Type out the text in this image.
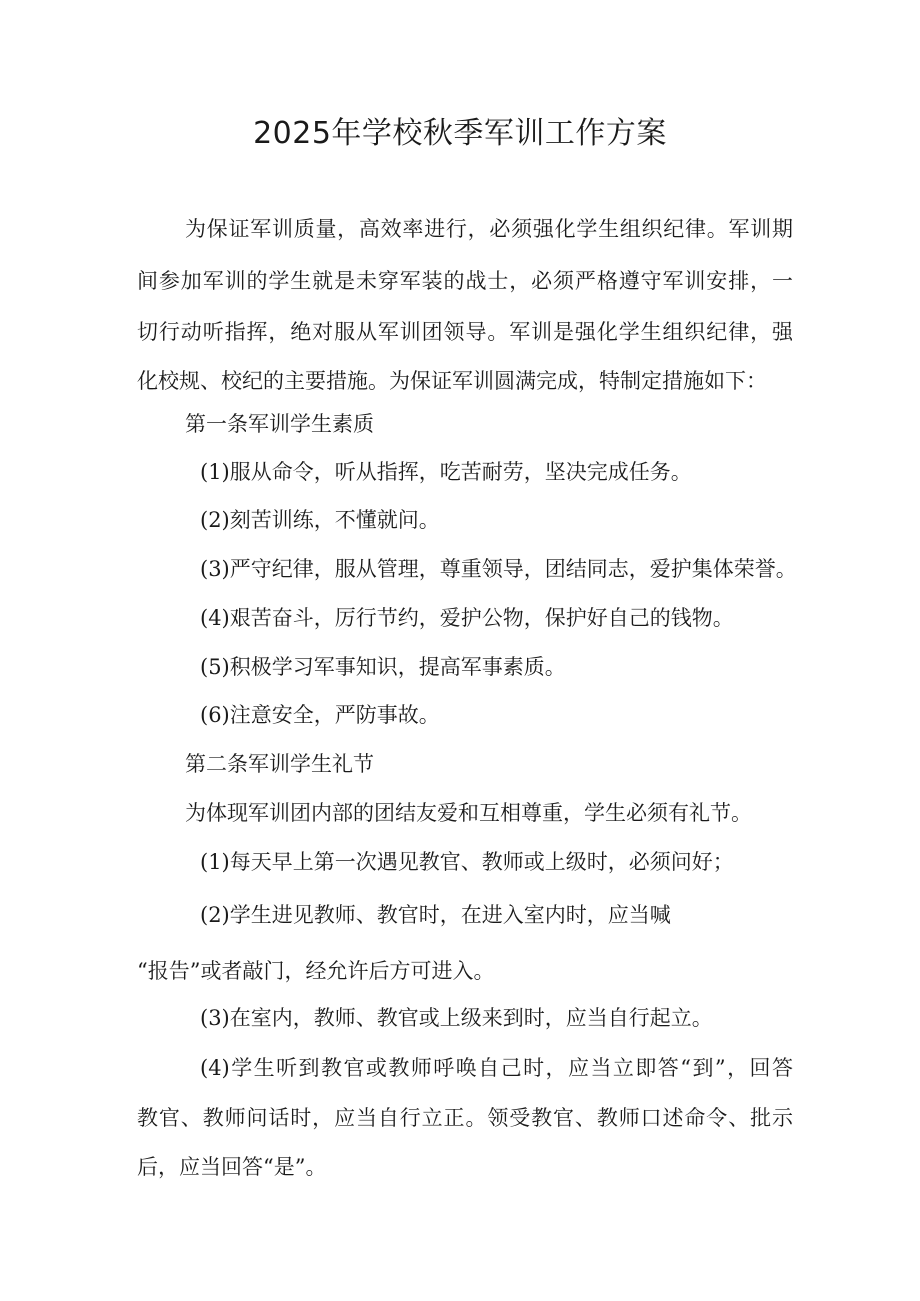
2025年学校秋季军训工作方案
为保证军训质量，高效率进行，必须强化学生组织纪律。军训期
间参加军训的学生就是未穿军装的战士，必须严格遵守军训安排，一
切行动听指挥，绝对服从军训团领导。军训是强化学生组织纪律，强
化校规、校纪的主要措施。为保证军训圆满完成，特制定措施如下：
第一条军训学生素质
(1)服从命令，听从指挥，吃苦耐劳，坚决完成任务。
(2)刻苦训练，不懂就问。
(3)严守纪律，服从管理，尊重领导，团结同志，爱护集体荣誉。
(4)艰苦奋斗，厉行节约，爱护公物，保护好自己的钱物。
(5)积极学习军事知识，提高军事素质。
(6)注意安全，严防事故。
第二条军训学生礼节
为体现军训团内部的团结友爱和互相尊重，学生必须有礼节。
(1)每天早上第一次遇见教官、教师或上级时，必须问好；
(2)学生进见教师、教官时，在进入室内时，应当喊
“报告”或者敲门，经允许后方可进入。
(3)在室内，教师、教官或上级来到时，应当自行起立。
(4)学生听到教官或教师呼唤自己时，应当立即答“到”，回答
教官、教师问话时，应当自行立正。领受教官、教师口述命令、批示
后，应当回答“是”。
